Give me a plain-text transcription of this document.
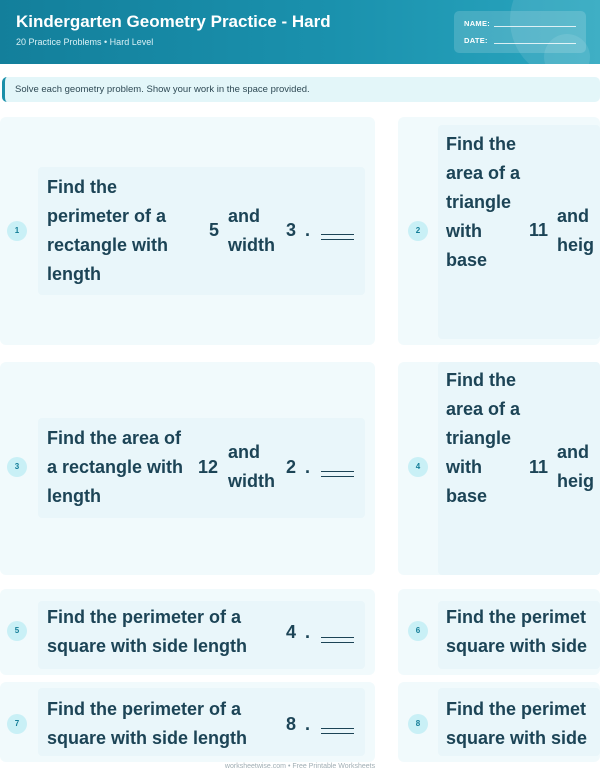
Kindergarten Geometry Practice - Hard
20 Practice Problems • Hard Level
NAME:
DATE:
Solve each geometry problem. Show your work in the space provided.
1
Find the perimeter of a rectangle with length
5
and width
3 .	2
Find the area of a triangle with base
11
and heig
3
Find the area of a rectangle with length
12
and width
2 .	4
Find the area of a triangle with base
11
and heig
5
Find the perimeter of a square with side length
4 .	6
Find the perimet square with side
7
Find the perimeter of a square with side length
8 .	8
Find the perimet square with side
worksheetwise.com • Free Printable Worksheets
